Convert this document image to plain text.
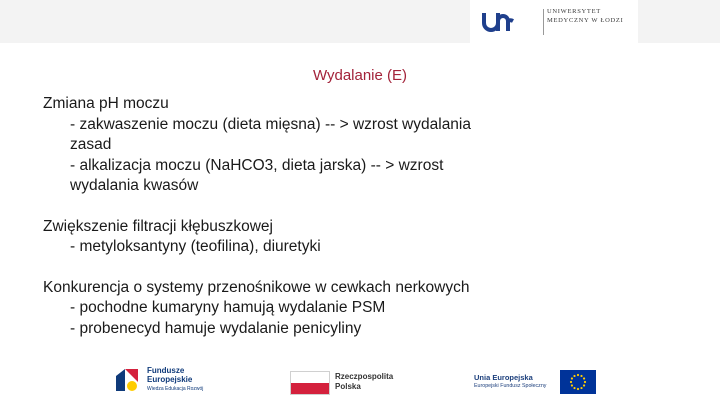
UNIWERSYTET MEDYCZNY W ŁODZI
Wydalanie (E)
Zmiana pH moczu
- zakwaszenie moczu (dieta mięsna) -- > wzrost wydalania
zasad
- alkalizacja moczu (NaHCO3, dieta jarska) -- > wzrost
wydalania kwasów
Zwiększenie filtracji kłębuszkowej
- metyloksantyny (teofilina), diuretyki
Konkurencja o systemy przenośnikowe w cewkach nerkowych
- pochodne kumaryny hamują wydalanie PSM
- probenecyd hamuje wydalanie penicyliny
Fundusze
Europejskie
Wiedza Edukacja Rozwój
Rzeczpospolita
Polska
Unia Europejska
Europejski Fundusz Społeczny
